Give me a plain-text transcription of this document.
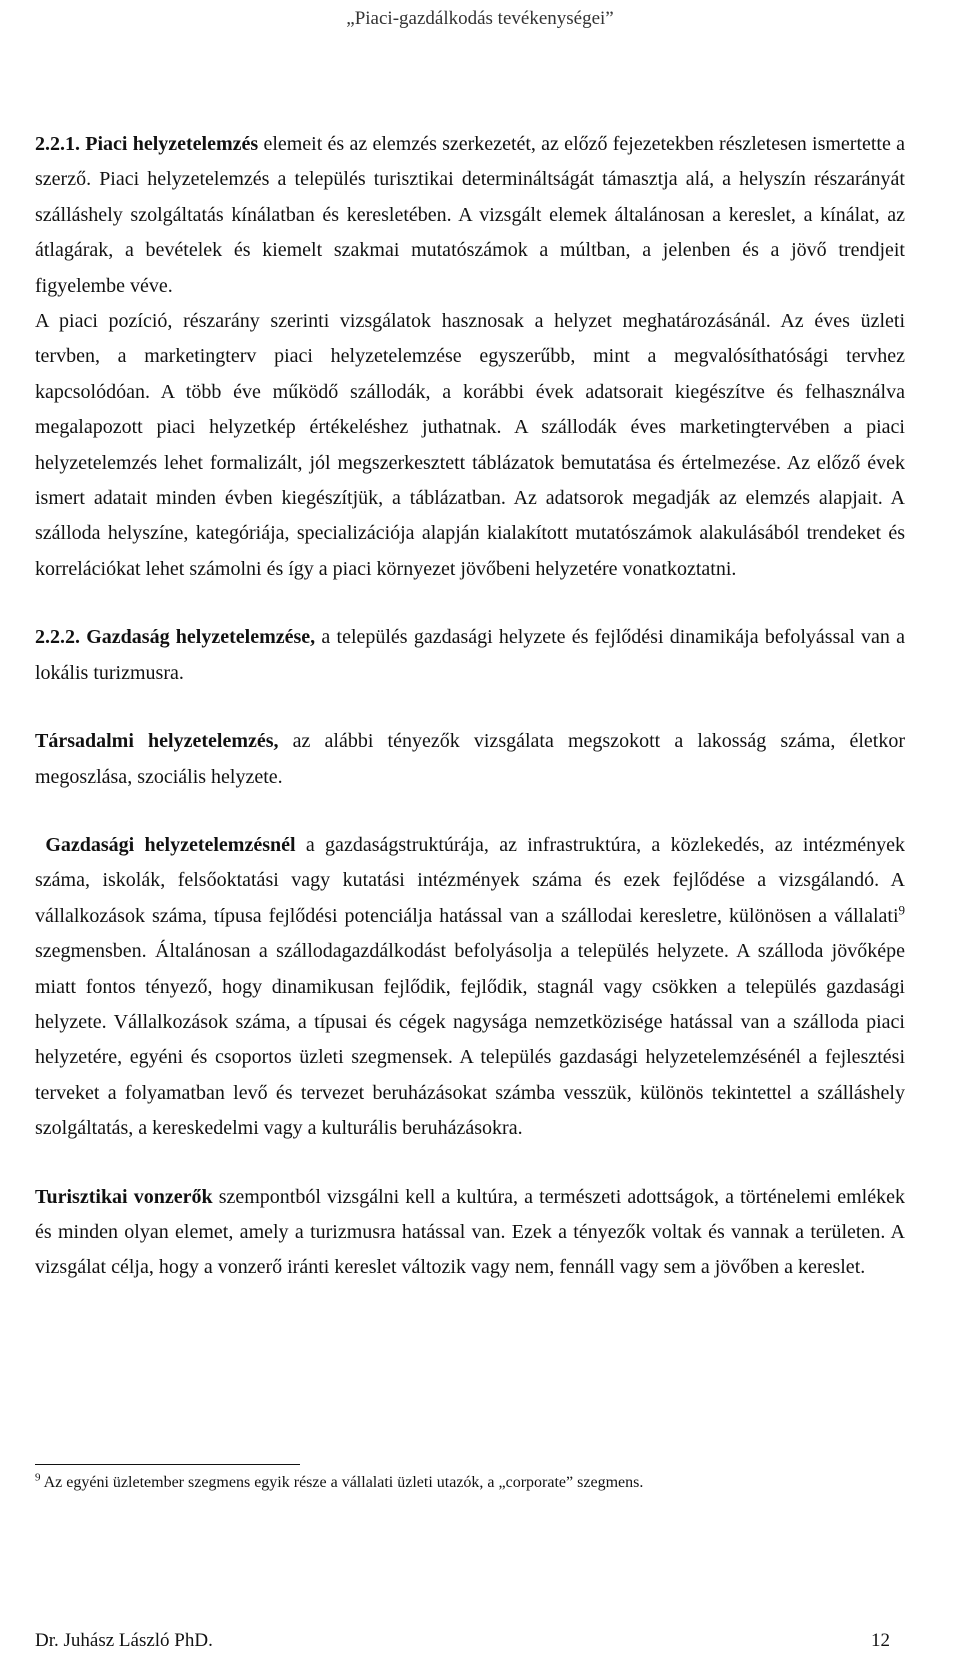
„Piaci-gazdálkodás tevékenységei”

2.2.1. Piaci helyzetelemzés elemeit és az elemzés szerkezetét, az előző fejezetekben részletesen ismertette a szerző. Piaci helyzetelemzés a település turisztikai determináltságát támasztja alá, a helyszín részarányát szálláshely szolgáltatás kínálatban és keresletében. A vizsgált elemek általánosan a kereslet, a kínálat, az átlagárak, a bevételek és kiemelt szakmai mutatószámok a múltban, a jelenben és a jövő trendjeit figyelembe véve.

A piaci pozíció, részarány szerinti vizsgálatok hasznosak a helyzet meghatározásánál. Az éves üzleti tervben, a marketingterv piaci helyzetelemzése egyszerűbb, mint a megvalósíthatósági tervhez kapcsolódóan. A több éve működő szállodák, a korábbi évek adatsorait kiegészítve és felhasználva megalapozott piaci helyzetkép értékeléshez juthatnak. A szállodák éves marketingtervében a piaci helyzetelemzés lehet formalizált, jól megszerkesztett táblázatok bemutatása és értelmezése. Az előző évek ismert adatait minden évben kiegészítjük, a táblázatban. Az adatsorok megadják az elemzés alapjait. A szálloda helyszíne, kategóriája, specializációja alapján kialakított mutatószámok alakulásából trendeket és korrelációkat lehet számolni és így a piaci környezet jövőbeni helyzetére vonatkoztatni.

2.2.2. Gazdaság helyzetelemzése, a település gazdasági helyzete és fejlődési dinamikája befolyással van a lokális turizmusra.

Társadalmi helyzetelemzés, az alábbi tényezők vizsgálata megszokott a lakosság száma, életkor megoszlása, szociális helyzete.

Gazdasági helyzetelemzésnél a gazdaságstruktúrája, az infrastruktúra, a közlekedés, az intézmények száma, iskolák, felsőoktatási vagy kutatási intézmények száma és ezek fejlődése a vizsgálandó. A vállalkozások száma, típusa fejlődési potenciálja hatással van a szállodai keresletre, különösen a vállalati$^9$ szegmensben. Általánosan a szállodagazdálkodást befolyásolja a település helyzete. A szálloda jövőképe miatt fontos tényező, hogy dinamikusan fejlődik, fejlődik, stagnál vagy csökken a település gazdasági helyzete. Vállalkozások száma, a típusai és cégek nagysága nemzetközisége hatással van a szálloda piaci helyzetére, egyéni és csoportos üzleti szegmensek. A település gazdasági helyzetelemzésénél a fejlesztési terveket a folyamatban levő és tervezet beruházásokat számba vesszük, különös tekintettel a szálláshely szolgáltatás, a kereskedelmi vagy a kulturális beruházásokra.

Turisztikai vonzerők szempontból vizsgálni kell a kultúra, a természeti adottságok, a történelemi emlékek és minden olyan elemet, amely a turizmusra hatással van. Ezek a tényezők voltak és vannak a területen. A vizsgálat célja, hogy a vonzerő iránti kereslet változik vagy nem, fennáll vagy sem a jövőben a kereslet.

$^9$ Az egyéni üzletember szegmens egyik része a vállalati üzleti utazók, a „corporate” szegmens.
Dr. Juhász László PhD.	12
